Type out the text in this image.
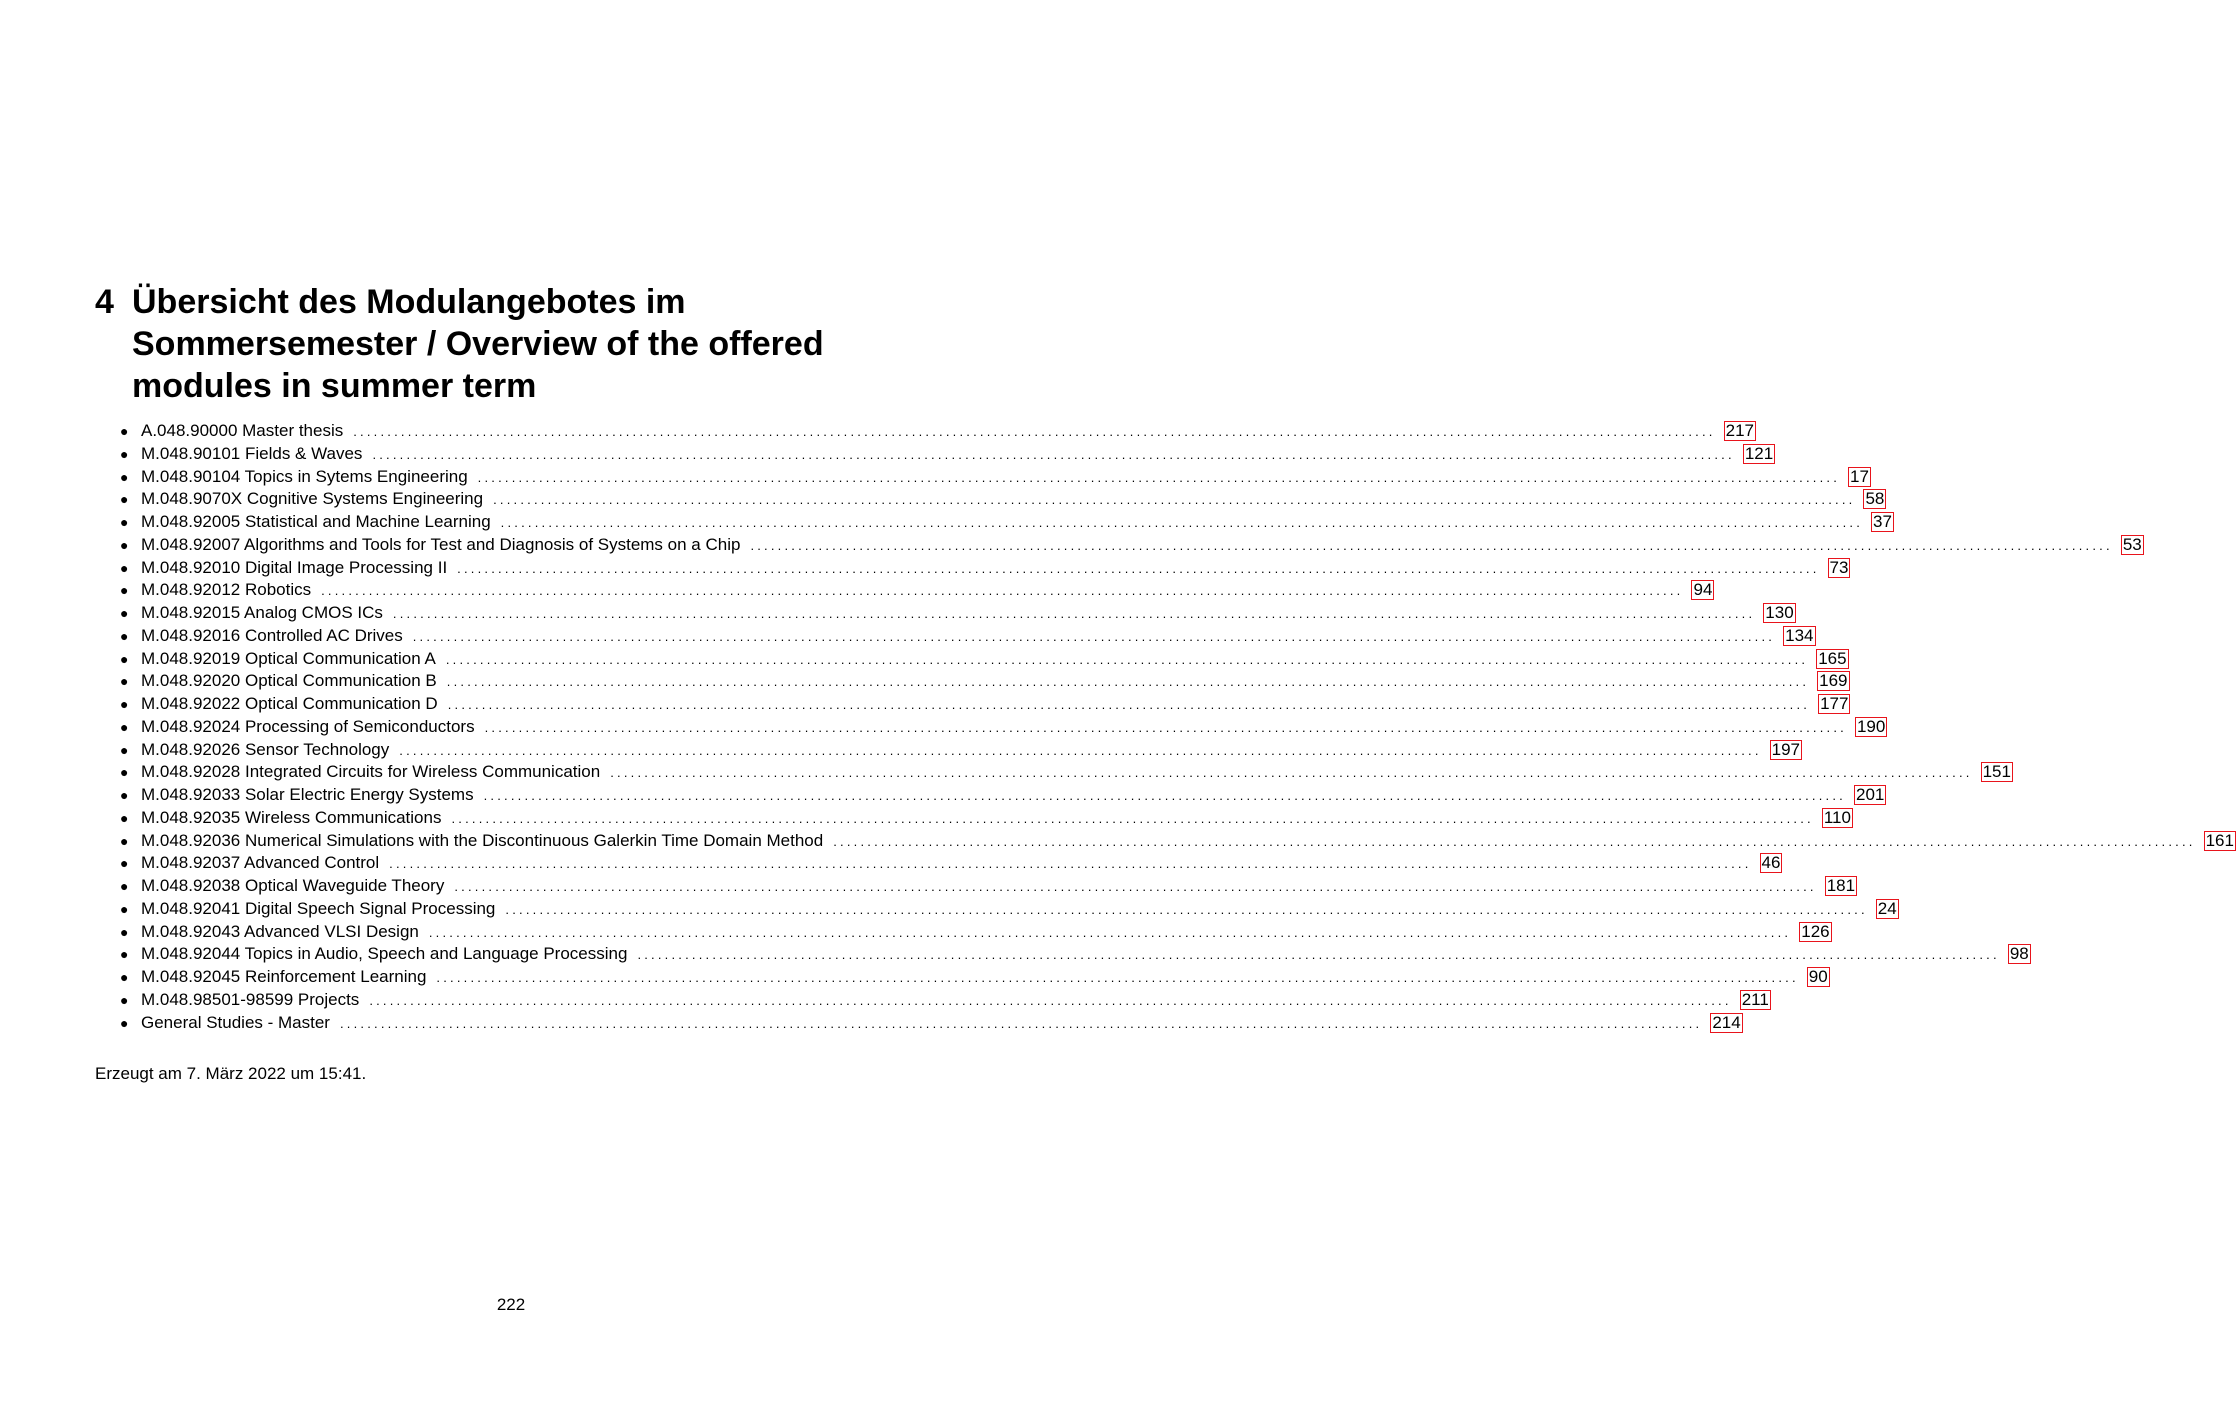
4 Übersicht des Modulangebotes im Sommersemester / Overview of the offered modules in summer term
● A.048.90000 Master thesis ........................................................................................................................................................................................................ 217
● M.048.90101 Fields & Waves ........................................................................................................................................................................................................ 121
● M.048.90104 Topics in Sytems Engineering ........................................................................................................................................................................................................ 17
● M.048.9070X Cognitive Systems Engineering ........................................................................................................................................................................................................ 58
● M.048.92005 Statistical and Machine Learning ........................................................................................................................................................................................................ 37
● M.048.92007 Algorithms and Tools for Test and Diagnosis of Systems on a Chip ........................................................................................................................................................................................................ 53
● M.048.92010 Digital Image Processing II ........................................................................................................................................................................................................ 73
● M.048.92012 Robotics ........................................................................................................................................................................................................ 94
● M.048.92015 Analog CMOS ICs ........................................................................................................................................................................................................ 130
● M.048.92016 Controlled AC Drives ........................................................................................................................................................................................................ 134
● M.048.92019 Optical Communication A ........................................................................................................................................................................................................ 165
● M.048.92020 Optical Communication B ........................................................................................................................................................................................................ 169
● M.048.92022 Optical Communication D ........................................................................................................................................................................................................ 177
● M.048.92024 Processing of Semiconductors ........................................................................................................................................................................................................ 190
● M.048.92026 Sensor Technology ........................................................................................................................................................................................................ 197
● M.048.92028 Integrated Circuits for Wireless Communication ........................................................................................................................................................................................................ 151
● M.048.92033 Solar Electric Energy Systems ........................................................................................................................................................................................................ 201
● M.048.92035 Wireless Communications ........................................................................................................................................................................................................ 110
● M.048.92036 Numerical Simulations with the Discontinuous Galerkin Time Domain Method ........................................................................................................................................................................................................ 161
● M.048.92037 Advanced Control ........................................................................................................................................................................................................ 46
● M.048.92038 Optical Waveguide Theory ........................................................................................................................................................................................................ 181
● M.048.92041 Digital Speech Signal Processing ........................................................................................................................................................................................................ 24
● M.048.92043 Advanced VLSI Design ........................................................................................................................................................................................................ 126
● M.048.92044 Topics in Audio, Speech and Language Processing ........................................................................................................................................................................................................ 98
● M.048.92045 Reinforcement Learning ........................................................................................................................................................................................................ 90
● M.048.98501-98599 Projects ........................................................................................................................................................................................................ 211
● General Studies - Master ........................................................................................................................................................................................................ 214
Erzeugt am 7. März 2022 um 15:41.
222
